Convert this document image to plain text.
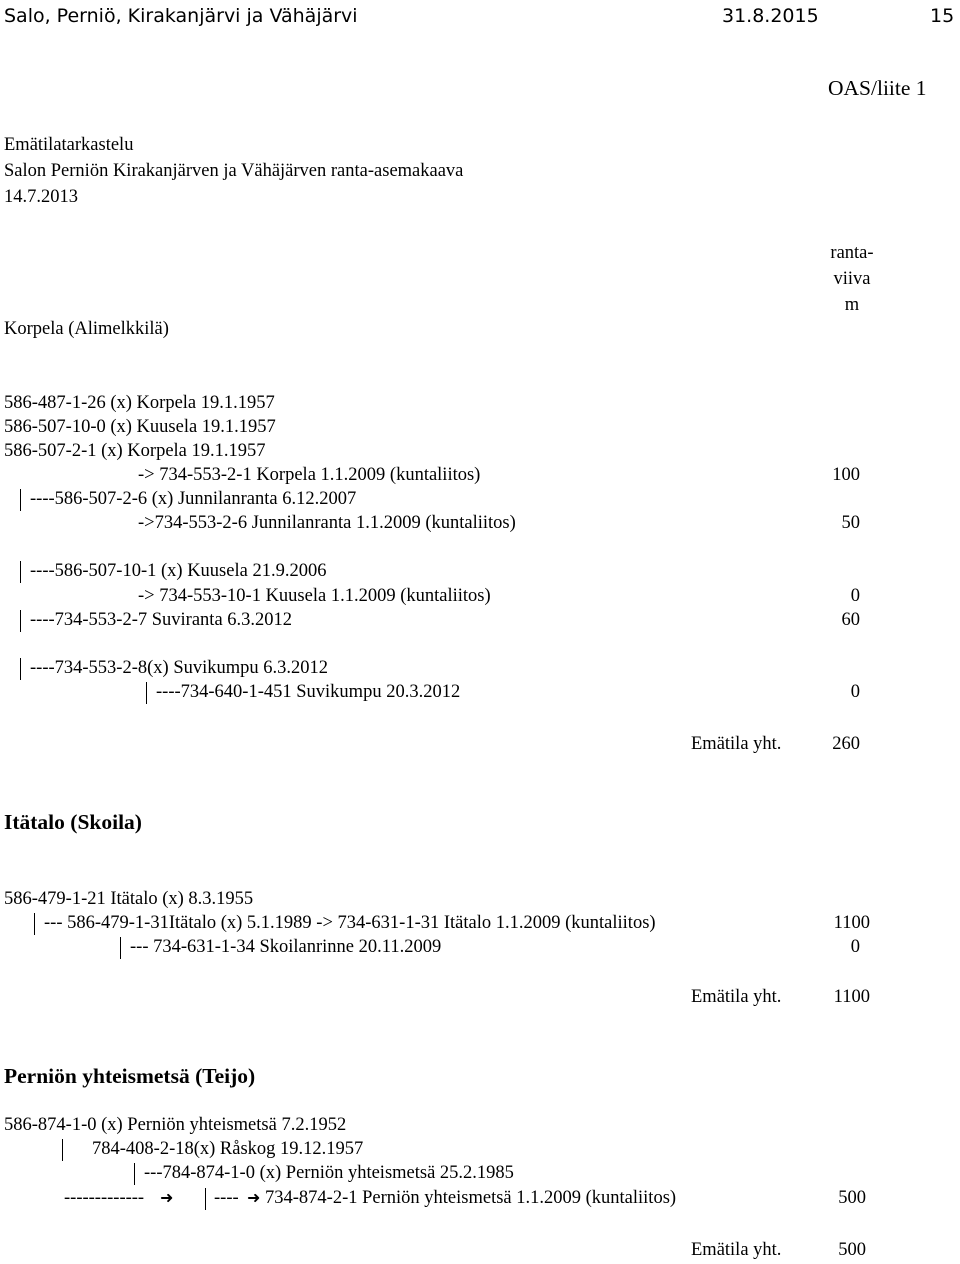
Salo, Perniö, Kirakanjärvi ja Vähäjärvi	31.8.2015	15
OAS/liite 1
Emätilatarkastelu
Salon Perniön Kirakanjärven ja Vähäjärven ranta-asemakaava
14.7.2013
ranta-
viiva
m
Korpela (Alimelkkilä)
586-487-1-26 (x) Korpela 19.1.1957
586-507-10-0 (x) Kuusela 19.1.1957
586-507-2-1 (x) Korpela 19.1.1957
-> 734-553-2-1 Korpela 1.1.2009 (kuntaliitos)	100
----586-507-2-6 (x) Junnilanranta 6.12.2007
->734-553-2-6 Junnilanranta 1.1.2009 (kuntaliitos)	50
----586-507-10-1 (x) Kuusela 21.9.2006
-> 734-553-10-1 Kuusela 1.1.2009 (kuntaliitos)	0
----734-553-2-7 Suviranta 6.3.2012	60
----734-553-2-8(x) Suvikumpu 6.3.2012
----734-640-1-451 Suvikumpu 20.3.2012	0
Emätila yht.	260
Itätalo (Skoila)
586-479-1-21 Itätalo (x) 8.3.1955
--- 586-479-1-31Itätalo (x) 5.1.1989 -> 734-631-1-31 Itätalo 1.1.2009 (kuntaliitos)	1100
--- 734-631-1-34 Skoilanrinne 20.11.2009	0
Emätila yht.	1100
Perniön yhteismetsä (Teijo)
586-874-1-0 (x) Perniön yhteismetsä 7.2.1952
784-408-2-18(x) Råskog 19.12.1957
---784-874-1-0 (x) Perniön yhteismetsä 25.2.1985
------------- ➜ ---- ➜ 734-874-2-1 Perniön yhteismetsä 1.1.2009 (kuntaliitos)	500
Emätila yht.	500
